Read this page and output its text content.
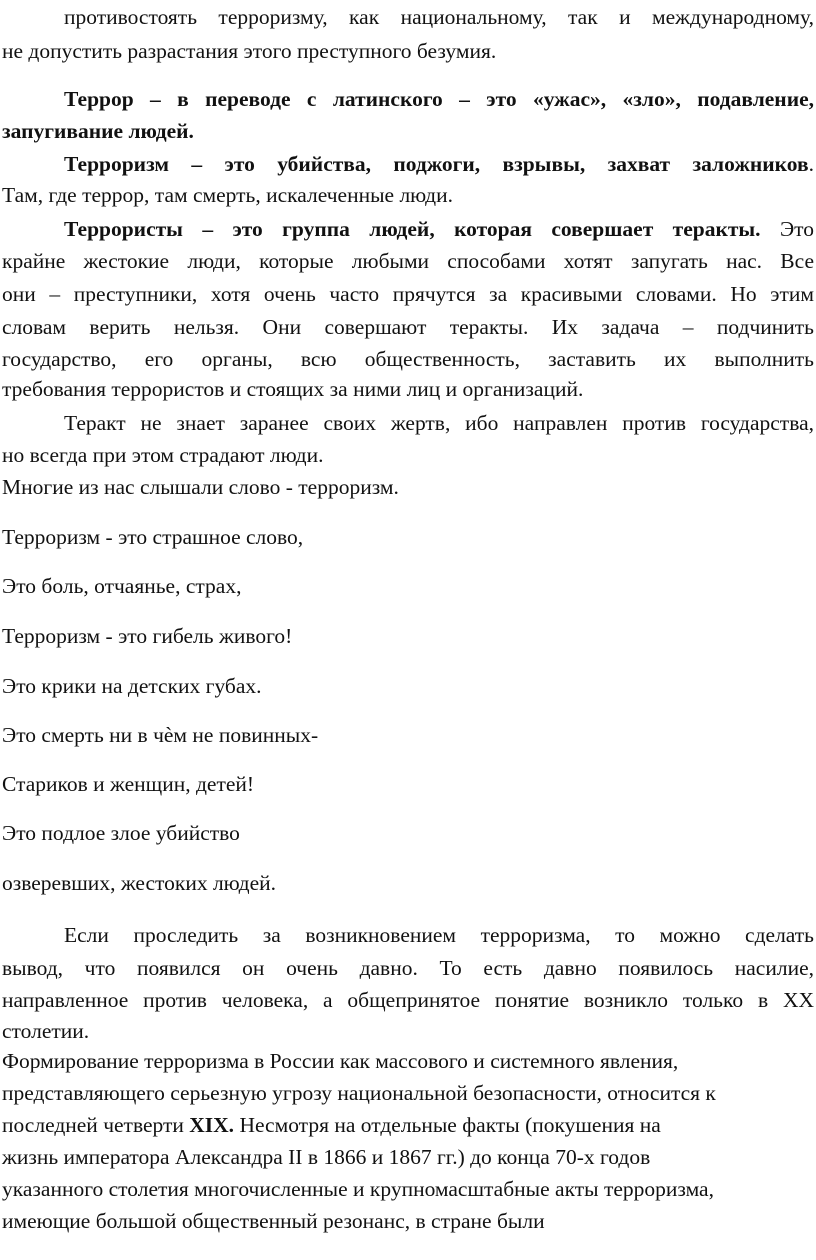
противостоять терроризму, как национальному, так и международному,
не допустить разрастания этого преступного безумия.
Террор – в переводе с латинского – это «ужас», «зло», подавление,
запугивание людей.
Терроризм – это убийства, поджоги, взрывы, захват заложников.
Там, где террор, там смерть, искалеченные люди.
Террористы – это группа людей, которая совершает теракты. Это
крайне жестокие люди, которые любыми способами хотят запугать нас. Все
они – преступники, хотя очень часто прячутся за красивыми словами. Но этим
словам верить нельзя. Они совершают теракты. Их задача – подчинить
государство, его органы, всю общественность, заставить их выполнить
требования террористов и стоящих за ними лиц и организаций.
Теракт не знает заранее своих жертв, ибо направлен против государства,
но всегда при этом страдают люди.
Многие из нас слышали слово - терроризм.
Терроризм - это страшное слово,
Это боль, отчаянье, страх,
Терроризм - это гибель живого!
Это крики на детских губах.
Это смерть ни в чѐм не повинных-
Стариков и женщин, детей!
Это подлое злое убийство
озверевших, жестоких людей.
Если проследить за возникновением терроризма, то можно сделать
вывод, что появился он очень давно. То есть давно появилось насилие,
направленное против человека, а общепринятое понятие возникло только в XX
столетии.
Формирование терроризма в России как массового и системного явления,
представляющего серьезную угрозу национальной безопасности, относится к
последней четверти XIX. Несмотря на отдельные факты (покушения на
жизнь императора Александра II в 1866 и 1867 гг.) до конца 70-х годов
указанного столетия многочисленные и крупномасштабные акты терроризма,
имеющие большой общественный резонанс, в стране были
